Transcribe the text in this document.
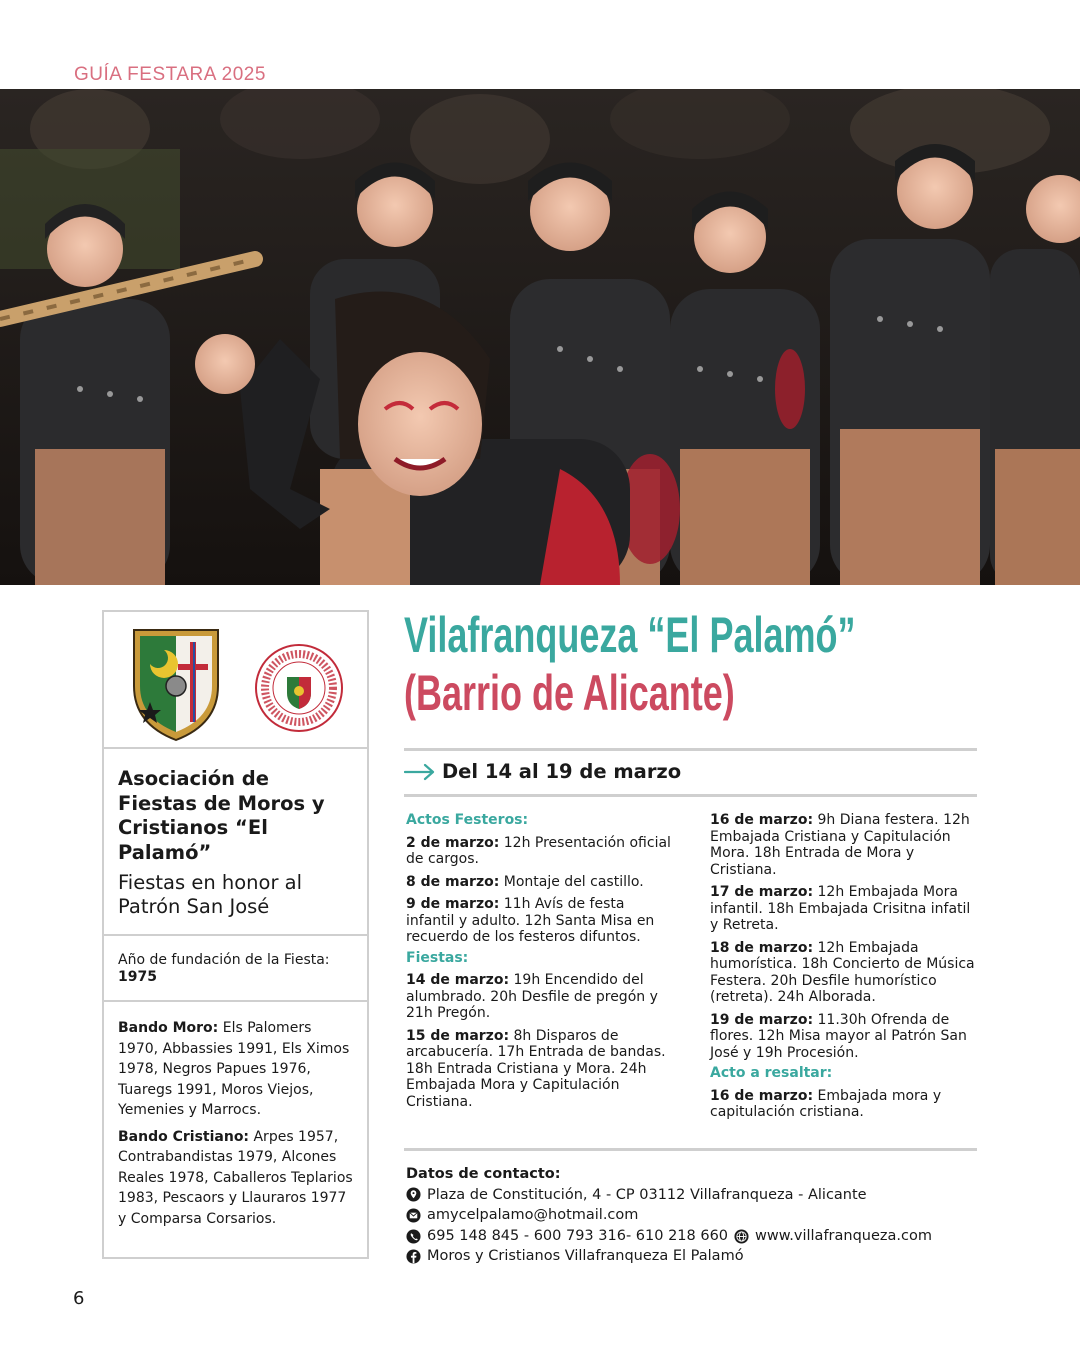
GUÍA FESTARA 2025
Asociación de Fiestas de Moros y Cristianos “El Palamó”
Fiestas en honor al Patrón San José
Año de fundación de la Fiesta: 1975

Bando Moro: Els Palomers 1970, Abbassies 1991, Els Ximos 1978, Negros Papues 1976, Tuaregs 1991, Moros Viejos, Yemenies y Marrocs.

Bando Cristiano: Arpes 1957, Contrabandistas 1979, Alcones Reales 1978, Caballeros Teplarios 1983, Pescaors y Llauraros 1977 y Comparsa Corsarios.

Vilafranqueza “El Palamó”
(Barrio de Alicante)
Del 14 al 19 de marzo
Actos Festeros:

2 de marzo: 12h Presentación oficial de cargos.

8 de marzo: Montaje del castillo.

9 de marzo: 11h Avís de festa infantil y adulto. 12h Santa Misa en recuerdo de los festeros difuntos.

Fiestas:

14 de marzo: 19h Encendido del alumbrado. 20h Desfile de pregón y 21h Pregón.

15 de marzo: 8h Disparos de arcabucería. 17h Entrada de bandas. 18h Entrada Cristiana y Mora. 24h Embajada Mora y Capitulación Cristiana.

16 de marzo: 9h Diana festera. 12h Embajada Cristiana y Capitulación Mora. 18h Entrada de Mora y Cristiana.

17 de marzo: 12h Embajada Mora infantil. 18h Embajada Crisitna infatil y Retreta.

18 de marzo: 12h Embajada humorística. 18h Concierto de Música Festera. 20h Desfile humorístico (retreta). 24h Alborada.

19 de marzo: 11.30h Ofrenda de flores. 12h Misa mayor al Patrón San José y 19h Procesión.

Acto a resaltar:

16 de marzo: Embajada mora y capitulación cristiana.

Datos de contacto:
Plaza de Constitución, 4 - CP 03112 Villafranqueza - Alicante
amycelpalamo@hotmail.com
695 148 845 - 600 793 316- 610 218 660 www.villafranqueza.com
Moros y Cristianos Villafranqueza El Palamó
6
